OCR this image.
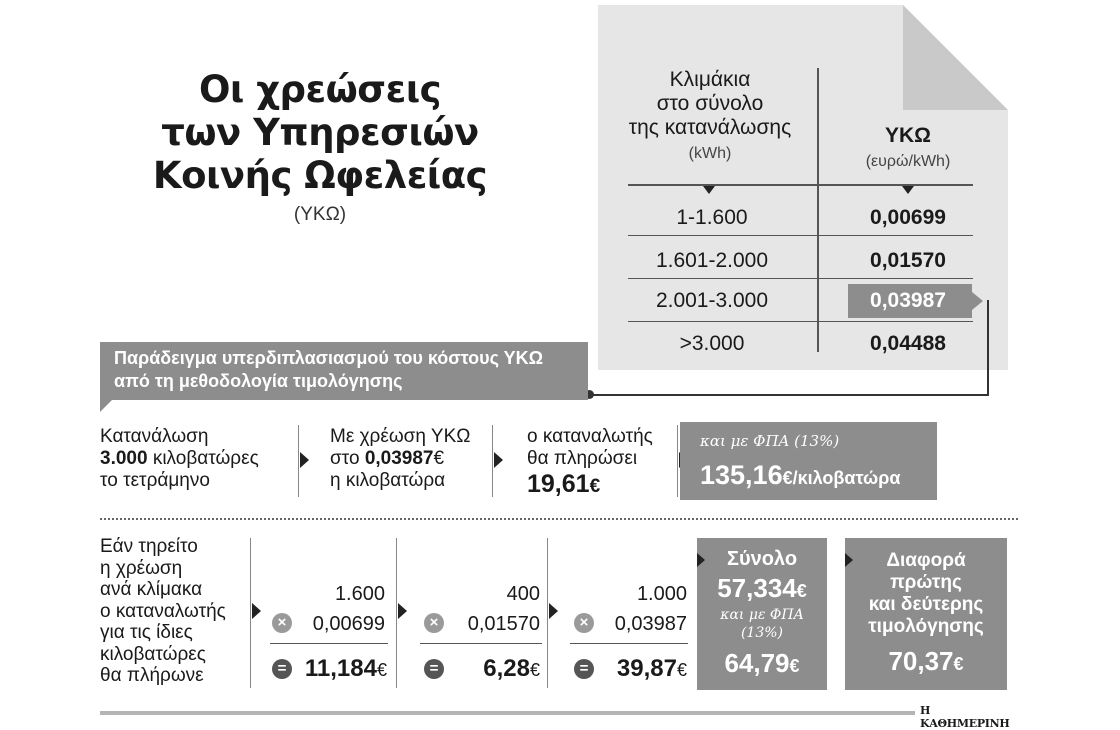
Οι χρεώσεις
των Υπηρεσιών
Κοινής Ωφελείας
(ΥΚΩ)
Κλιμάκια
στο σύνολο
της κατανάλωσης
(kWh)
ΥΚΩ
(ευρώ/kWh)
1-1.600	0,00699
1.601-2.000	0,01570
2.001-3.000	0,03987
>3.000	0,04488
Παράδειγμα υπερδιπλασιασμού του κόστους ΥΚΩ
από τη μεθοδολογία τιμολόγησης
Κατανάλωση
3.000 κιλοβατώρες
το τετράμηνο
Με χρέωση ΥΚΩ
στο 0,03987€
η κιλοβατώρα
ο καταναλωτής
θα πληρώσει
19,61€
και με ΦΠΑ (13%)
135,16€/κιλοβατώρα
Εάν τηρείτο
η χρέωση
ανά κλίμακα
ο καταναλωτής
για τις ίδιες
κιλοβατώρες
θα πλήρωνε
1.600
×	0,00699
= 11,184€
400
×	0,01570
=	6,28€
1.000
×	0,03987
=	39,87€
Σύνολο
57,334€
και με ΦΠΑ
(13%)
64,79€
Διαφορά
πρώτης
και δεύτερης
τιμολόγησης
70,37€
Η ΚΑΘΗΜΕΡΙΝΗ
